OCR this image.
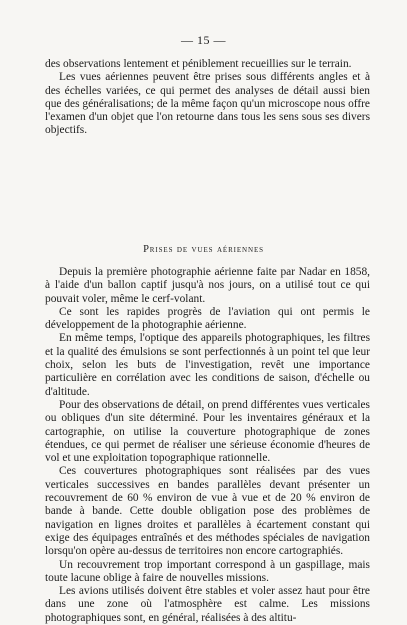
— 15 —

des observations lentement et péniblement recueillies sur le terrain.

Les vues aériennes peuvent être prises sous différents angles et à des échelles variées, ce qui permet des analyses de détail aussi bien que des généralisations; de la même façon qu'un microscope nous offre l'examen d'un objet que l'on retourne dans tous les sens sous ses divers objectifs.

Prises de vues aériennes

Depuis la première photographie aérienne faite par Nadar en 1858, à l'aide d'un ballon captif jusqu'à nos jours, on a utilisé tout ce qui pouvait voler, même le cerf-volant.

Ce sont les rapides progrès de l'aviation qui ont permis le développement de la photographie aérienne.

En même temps, l'optique des appareils photographiques, les filtres et la qualité des émulsions se sont perfectionnés à un point tel que leur choix, selon les buts de l'investigation, revêt une importance particulière en corrélation avec les conditions de saison, d'échelle ou d'altitude.

Pour des observations de détail, on prend différentes vues verticales ou obliques d'un site déterminé. Pour les inventaires généraux et la cartographie, on utilise la couverture photographique de zones étendues, ce qui permet de réaliser une sérieuse économie d'heures de vol et une exploitation topographique rationnelle.

Ces couvertures photographiques sont réalisées par des vues verticales successives en bandes parallèles devant présenter un recouvrement de 60 % environ de vue à vue et de 20 % environ de bande à bande. Cette double obligation pose des problèmes de navigation en lignes droites et parallèles à écartement constant qui exige des équipages entraînés et des méthodes spéciales de navigation lorsqu'on opère au-dessus de territoires non encore cartographiés.

Un recouvrement trop important correspond à un gaspillage, mais toute lacune oblige à faire de nouvelles missions.

Les avions utilisés doivent être stables et voler assez haut pour être dans une zone où l'atmosphère est calme. Les missions photographiques sont, en général, réalisées à des altitu-
